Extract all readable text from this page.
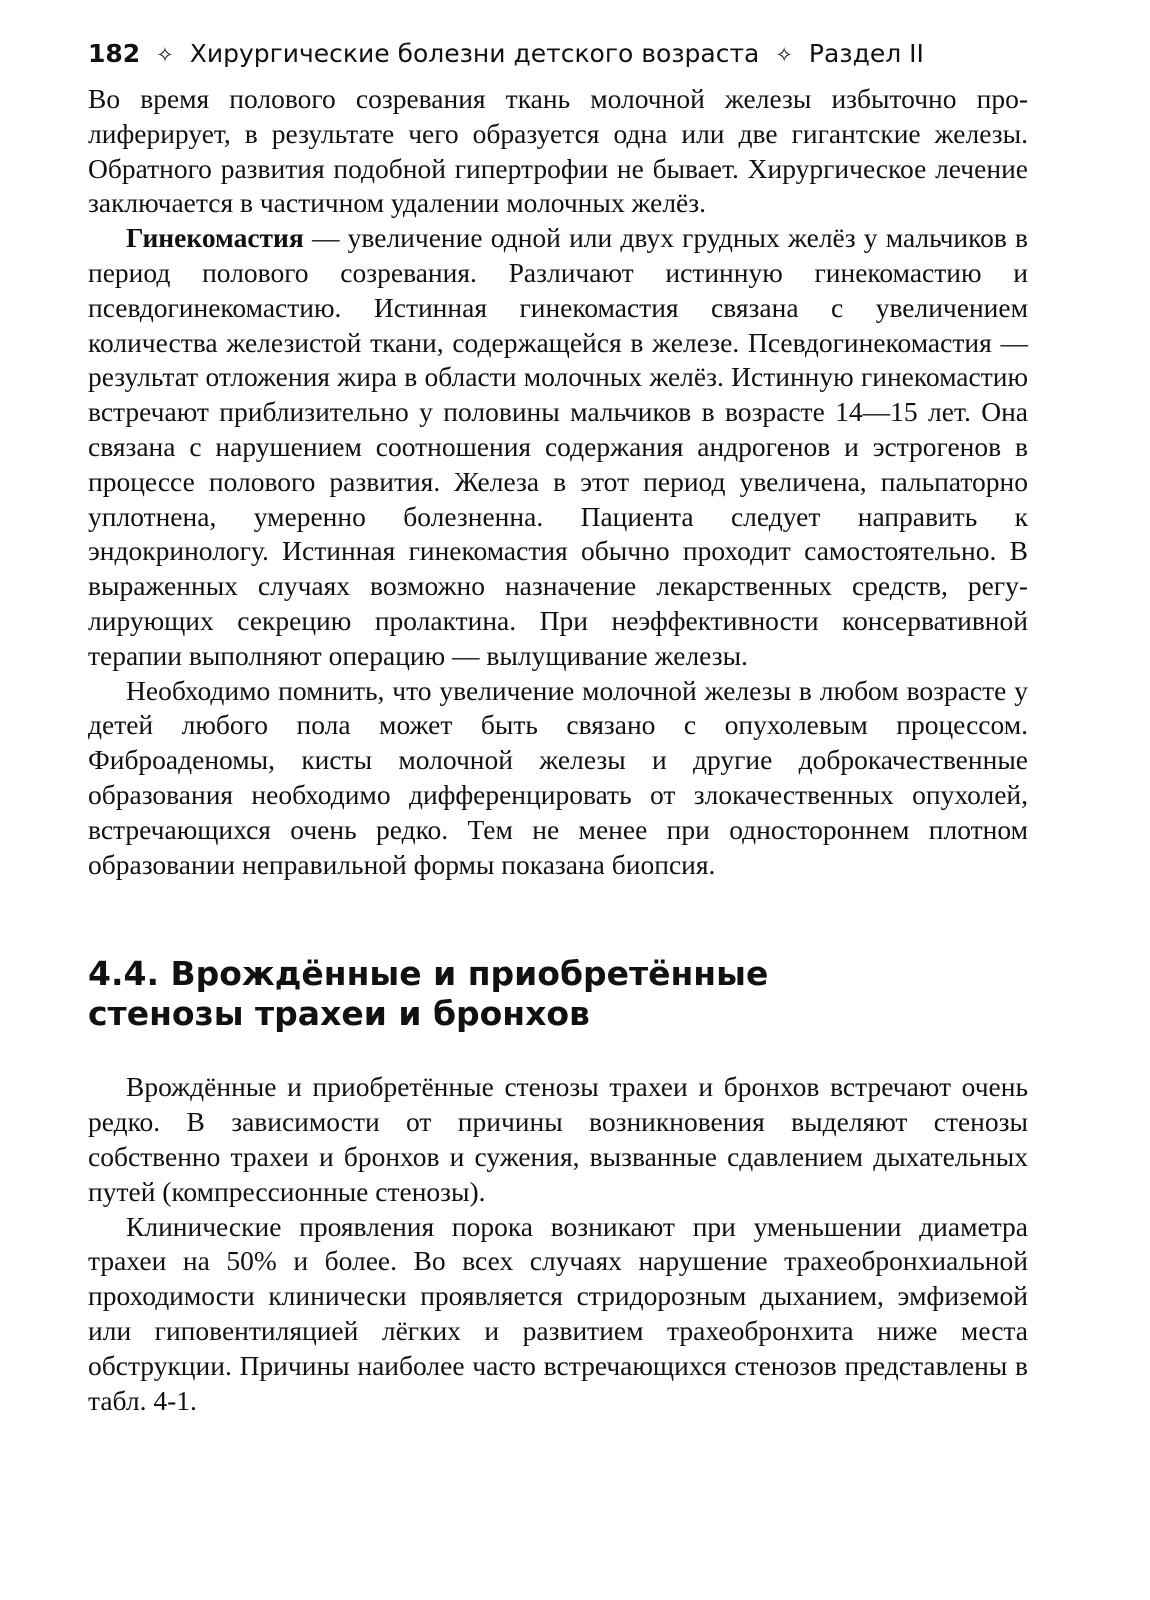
182 ✧ Хирургические болезни детского возраста ✧ Раздел II

Во время полового созревания ткань молочной железы избыточно пролиферирует, в результате чего образуется одна или две гигантские железы. Обратного развития подобной гипертрофии не бывает. Хирургическое лечение заключается в частичном удалении молочных желёз.

Гинекомастия — увеличение одной или двух грудных желёз у мальчиков в период полового созревания. Различают истинную гинекомастию и псевдогинекомастию. Истинная гинекомастия связана с увеличением количества железистой ткани, содержащейся в железе. Псевдогинекомастия — результат отложения жира в области молочных желёз. Истинную гинекомастию встречают приблизительно у половины мальчиков в возрасте 14—15 лет. Она связана с нарушением соотношения содержания андрогенов и эстрогенов в процессе полового развития. Железа в этот период увеличена, пальпаторно уплотнена, умеренно болезненна. Пациента следует направить к эндокринологу. Истинная гинекомастия обычно проходит самостоятельно. В выраженных случаях возможно назначение лекарственных средств, регулирующих секрецию пролактина. При неэффективности консервативной терапии выполняют операцию — вылущивание железы.

Необходимо помнить, что увеличение молочной железы в любом возрасте у детей любого пола может быть связано с опухолевым процессом. Фиброаденомы, кисты молочной железы и другие доброкачественные образования необходимо дифференцировать от злокачественных опухолей, встречающихся очень редко. Тем не менее при одностороннем плотном образовании неправильной формы показана биопсия.

4.4. Врождённые и приобретённые
стенозы трахеи и бронхов

Врождённые и приобретённые стенозы трахеи и бронхов встречают очень редко. В зависимости от причины возникновения выделяют стенозы собственно трахеи и бронхов и сужения, вызванные сдавлением дыхательных путей (компрессионные стенозы).

Клинические проявления порока возникают при уменьшении диаметра трахеи на 50% и более. Во всех случаях нарушение трахеобронхиальной проходимости клинически проявляется стридорозным дыханием, эмфиземой или гиповентиляцией лёгких и развитием трахеобронхита ниже места обструкции. Причины наиболее часто встречающихся стенозов представлены в табл. 4-1.
